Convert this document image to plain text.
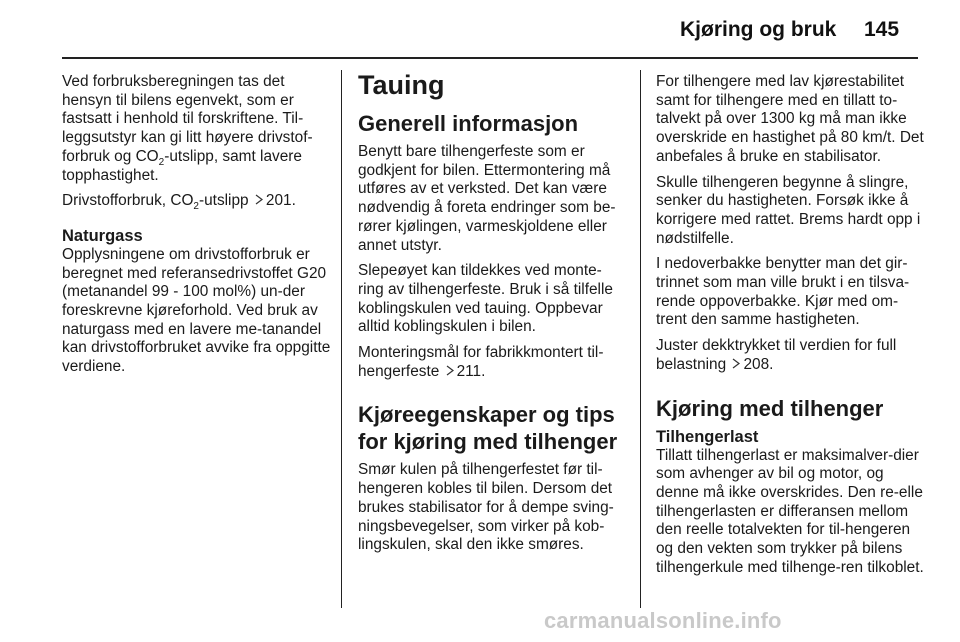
Kjøring og bruk 145

Ved forbruksberegningen tas det hensyn til bilens egenvekt, som er fastsatt i henhold til forskriftene. Til-leggsutstyr kan gi litt høyere drivstof-forbruk og $CO_2$-utslipp, samt lavere topphastighet.

Drivstofforbruk, $CO_2$-utslipp 201.

Naturgass

Opplysningene om drivstofforbruk er beregnet med referansedrivstoffet G20 (metanandel 99 - 100 mol%) un-der foreskrevne kjøreforhold. Ved bruk av naturgass med en lavere me-tanandel kan drivstofforbruket avvike fra oppgitte verdiene.

Tauing
Generell informasjon

Benytt bare tilhengerfeste som er godkjent for bilen. Ettermontering må utføres av et verksted. Det kan være nødvendig å foreta endringer som be-rører kjølingen, varmeskjoldene eller annet utstyr.

Slepeøyet kan tildekkes ved monte-ring av tilhengerfeste. Bruk i så tilfelle koblingskulen ved tauing. Oppbevar alltid koblingskulen i bilen.

Monteringsmål for fabrikkmontert til-hengerfeste 211.

Kjøreegenskaper og tips for kjøring med tilhenger

Smør kulen på tilhengerfestet før til-hengeren kobles til bilen. Dersom det brukes stabilisator for å dempe sving-ningsbevegelser, som virker på kob-lingskulen, skal den ikke smøres.

For tilhengere med lav kjørestabilitet samt for tilhengere med en tillatt to-talvekt på over 1300 kg må man ikke overskride en hastighet på 80 km/t. Det anbefales å bruke en stabilisator.

Skulle tilhengeren begynne å slingre, senker du hastigheten. Forsøk ikke å korrigere med rattet. Brems hardt opp i nødstilfelle.

I nedoverbakke benytter man det gir-trinnet som man ville brukt i en tilsva-rende oppoverbakke. Kjør med om-trent den samme hastigheten.

Juster dekktrykket til verdien for full belastning 208.

Kjøring med tilhenger
Tilhengerlast

Tillatt tilhengerlast er maksimalver-dier som avhenger av bil og motor, og denne må ikke overskrides. Den re-elle tilhengerlasten er differansen mellom den reelle totalvekten for til-hengeren og den vekten som trykker på bilens tilhengerkule med tilhenge-ren tilkoblet.

carmanualsonline.info
